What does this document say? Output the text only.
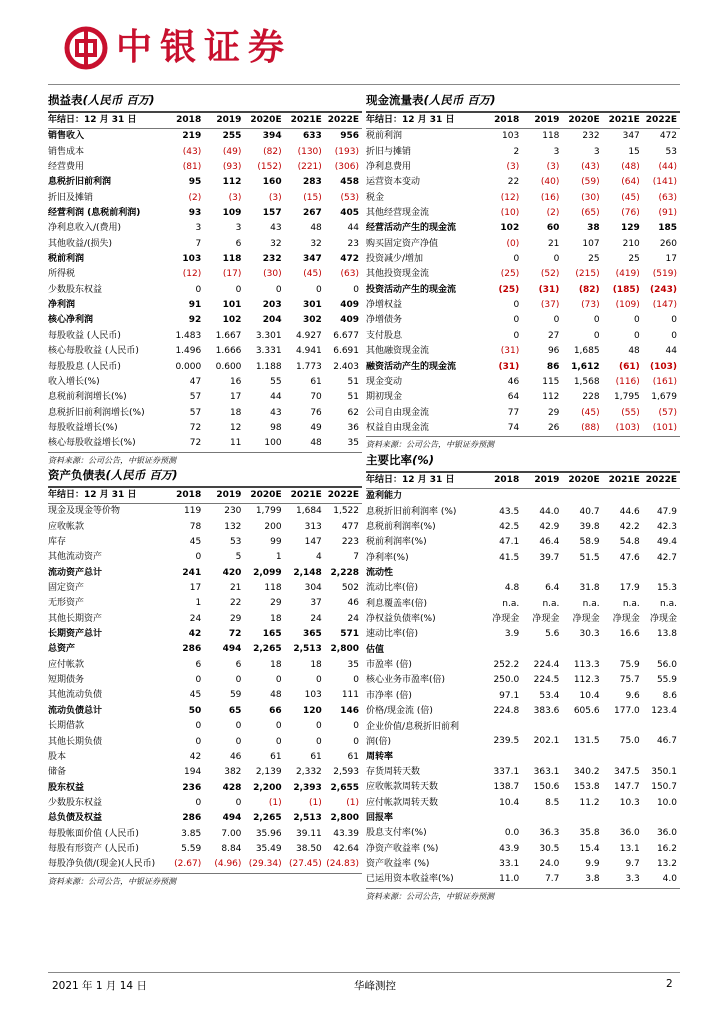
中银证券
损益表(人民币 百万)
年结日：12 月 31 日	2018	2019	2020E	2021E	2022E
销售收入	219	255	394	633	956
销售成本	(43)	(49)	(82)	(130)	(193)
经营费用	(81)	(93)	(152)	(221)	(306)
息税折旧前利润	95	112	160	283	458
折旧及摊销	(2)	(3)	(3)	(15)	(53)
经营利润 (息税前利润)	93	109	157	267	405
净利息收入/(费用)	3	3	43	48	44
其他收益/(损失)	7	6	32	32	23
税前利润	103	118	232	347	472
所得税	(12)	(17)	(30)	(45)	(63)
少数股东权益	0	0	0	0	0
净利润	91	101	203	301	409
核心净利润	92	102	204	302	409
每股收益 (人民币)	1.483	1.667	3.301	4.927	6.677
核心每股收益 (人民币)	1.496	1.666	3.331	4.941	6.691
每股股息 (人民币)	0.000	0.600	1.188	1.773	2.403
收入增长(%)	47	16	55	61	51
息税前利润增长(%)	57	17	44	70	51
息税折旧前利润增长(%)	57	18	43	76	62
每股收益增长(%)	72	12	98	49	36
核心每股收益增长(%)	72	11	100	48	35
资料来源：公司公告，中银证券预测
现金流量表(人民币 百万)
年结日：12 月 31 日	2018	2019	2020E	2021E	2022E
税前利润	103	118	232	347	472
折旧与摊销	2	3	3	15	53
净利息费用	(3)	(3)	(43)	(48)	(44)
运营资本变动	22	(40)	(59)	(64)	(141)
税金	(12)	(16)	(30)	(45)	(63)
其他经营现金流	(10)	(2)	(65)	(76)	(91)
经营活动产生的现金流	102	60	38	129	185
购买固定资产净值	(0)	21	107	210	260
投资减少/增加	0	0	25	25	17
其他投资现金流	(25)	(52)	(215)	(419)	(519)
投资活动产生的现金流	(25)	(31)	(82)	(185)	(243)
净增权益	0	(37)	(73)	(109)	(147)
净增债务	0	0	0	0	0
支付股息	0	27	0	0	0
其他融资现金流	(31)	96	1,685	48	44
融资活动产生的现金流	(31)	86	1,612	(61)	(103)
现金变动	46	115	1,568	(116)	(161)
期初现金	64	112	228	1,795	1,679
公司自由现金流	77	29	(45)	(55)	(57)
权益自由现金流	74	26	(88)	(103)	(101)
资料来源：公司公告，中银证券预测
资产负债表(人民币 百万)
年结日：12 月 31 日	2018	2019	2020E	2021E	2022E
现金及现金等价物	119	230	1,799	1,684	1,522
应收帐款	78	132	200	313	477
库存	45	53	99	147	223
其他流动资产	0	5	1	4	7
流动资产总计	241	420	2,099	2,148	2,228
固定资产	17	21	118	304	502
无形资产	1	22	29	37	46
其他长期资产	24	29	18	24	24
长期资产总计	42	72	165	365	571
总资产	286	494	2,265	2,513	2,800
应付帐款	6	6	18	18	35
短期债务	0	0	0	0	0
其他流动负债	45	59	48	103	111
流动负债总计	50	65	66	120	146
长期借款	0	0	0	0	0
其他长期负债	0	0	0	0	0
股本	42	46	61	61	61
储备	194	382	2,139	2,332	2,593
股东权益	236	428	2,200	2,393	2,655
少数股东权益	0	0	(1)	(1)	(1)
总负债及权益	286	494	2,265	2,513	2,800
每股帐面价值 (人民币)	3.85	7.00	35.96	39.11	43.39
每股有形资产 (人民币)	5.59	8.84	35.49	38.50	42.64
每股净负债/(现金)(人民币)	(2.67)	(4.96)	(29.34)	(27.45)	(24.83)
资料来源：公司公告，中银证券预测
主要比率(%)
年结日：12 月 31 日	2018	2019	2020E	2021E	2022E
盈利能力					
息税折旧前利润率 (%)	43.5	44.0	40.7	44.6	47.9
息税前利润率(%)	42.5	42.9	39.8	42.2	42.3
税前利润率(%)	47.1	46.4	58.9	54.8	49.4
净利率(%)	41.5	39.7	51.5	47.6	42.7
流动性					
流动比率(倍)	4.8	6.4	31.8	17.9	15.3
利息覆盖率(倍)	n.a.	n.a.	n.a.	n.a.	n.a.
净权益负债率(%)	净现金	净现金	净现金	净现金	净现金
速动比率(倍)	3.9	5.6	30.3	16.6	13.8
估值					
市盈率 (倍)	252.2	224.4	113.3	75.9	56.0
核心业务市盈率(倍)	250.0	224.5	112.3	75.7	55.9
市净率 (倍)	97.1	53.4	10.4	9.6	8.6
价格/现金流 (倍)	224.8	383.6	605.6	177.0	123.4

企业价值/息税折旧前利
润(倍)	239.5	202.1	131.5	75.0	46.7
周转率					
存货周转天数	337.1	363.1	340.2	347.5	350.1
应收帐款周转天数	138.7	150.6	153.8	147.7	150.7
应付帐款周转天数	10.4	8.5	11.2	10.3	10.0
回报率					
股息支付率(%)	0.0	36.3	35.8	36.0	36.0
净资产收益率 (%)	43.9	30.5	15.4	13.1	16.2
资产收益率 (%)	33.1	24.0	9.9	9.7	13.2
已运用资本收益率(%)	11.0	7.7	3.8	3.3	4.0
资料来源：公司公告，中银证券预测
2021 年 1 月 14 日	华峰测控	2
